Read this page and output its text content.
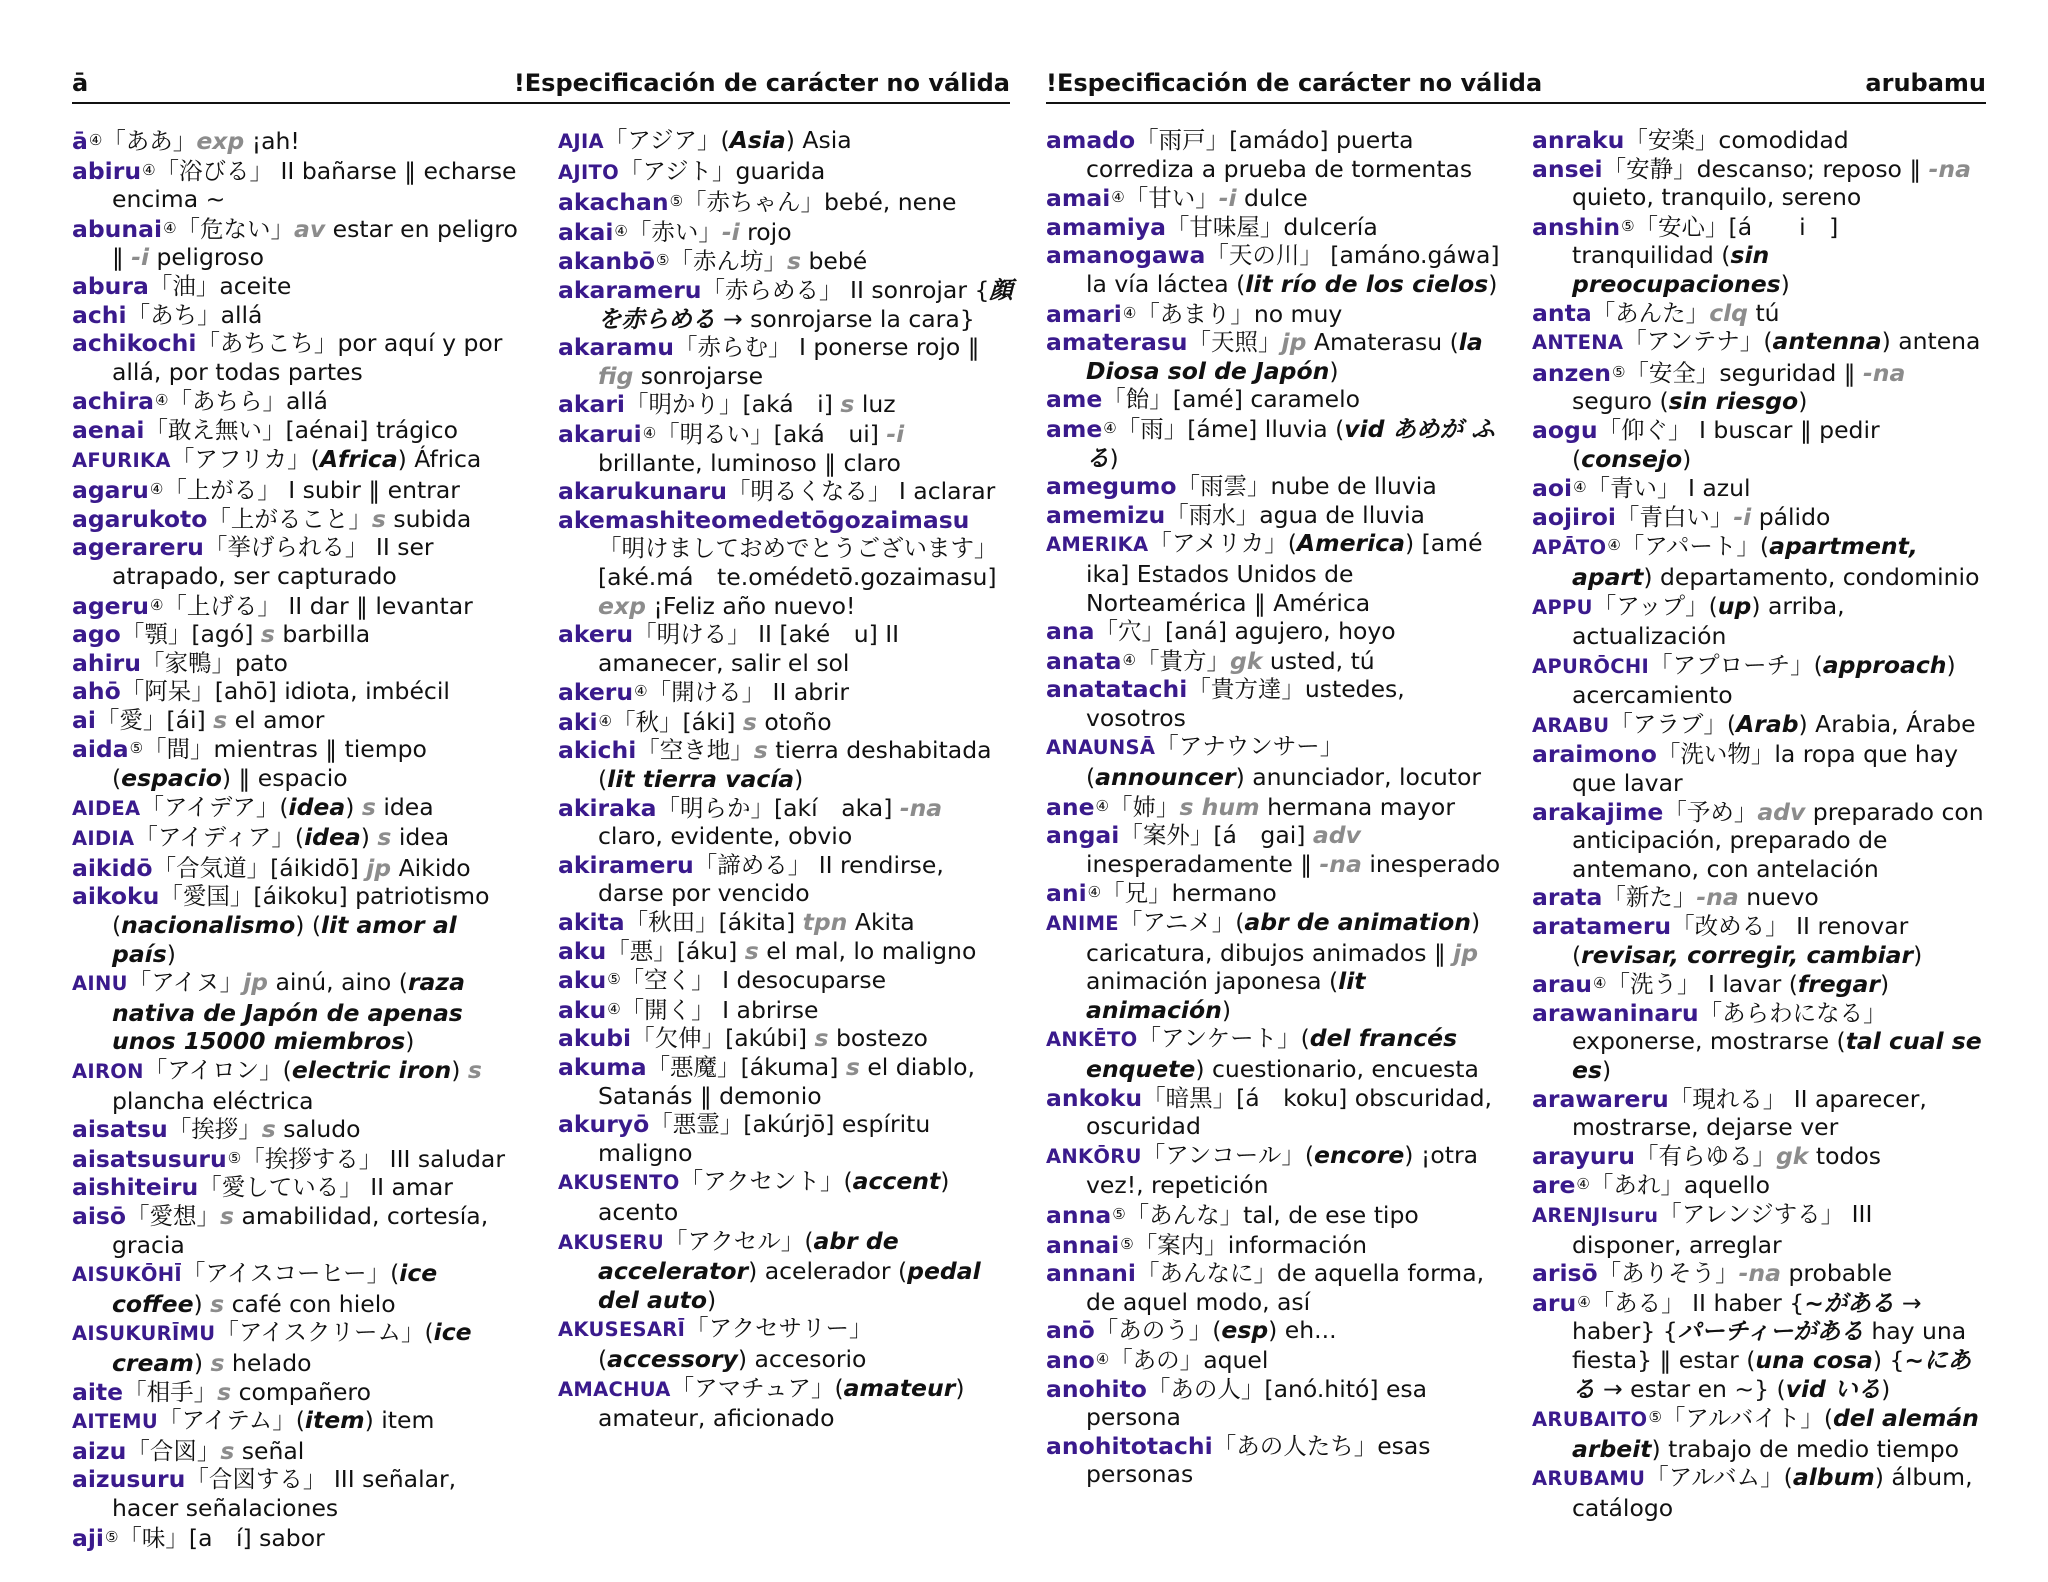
ā	!Especificación de carácter no válida
ā④「ああ」exp ¡ah!
abiru④「浴びる」 II bañarse ‖ echarse encima ~
abunai④「危ない」av estar en peligro ‖ -i peligroso
abura「油」aceite
achi「あち」allá
achikochi「あちこち」por aquí y por allá, por todas partes
achira④「あちら」allá
aenai「敢え無い」[aénai] trágico
AFURIKA「アフリカ」(Africa) África
agaru④「上がる」 I subir ‖ entrar
agarukoto「上がること」s subida
agerareru「挙げられる」 II ser atrapado, ser capturado
ageru④「上げる」 II dar ‖ levantar
ago「顎」[agó] s barbilla
ahiru「家鴨」pato
ahō「阿呆」[ahō] idiota, imbécil
ai「愛」[ái] s el amor
aida⑤「間」mientras ‖ tiempo (espacio) ‖ espacio
AIDEA「アイデア」(idea) s idea
AIDIA「アイディア」(idea) s idea
aikidō「合気道」[áikidō] jp Aikido
aikoku「愛国」[áikoku] patriotismo (nacionalismo) (lit amor al país)
AINU「アイヌ」jp ainú, aino (raza nativa de Japón de apenas unos 15000 miembros)
AIRON「アイロン」(electric iron) s plancha eléctrica
aisatsu「挨拶」s saludo
aisatsusuru⑤「挨拶する」 III saludar
aishiteiru「愛している」 II amar
aisō「愛想」s amabilidad, cortesía, gracia
AISUKŌHĪ「アイスコーヒー」(ice coffee) s café con hielo
AISUKURĪMU「アイスクリーム」(ice cream) s helado
aite「相手」s compañero
AITEMU「アイテム」(item) item
aizu「合図」s señal
aizusuru「合図する」 III señalar, hacer señalaciones
aji⑤「味」[a　í] sabor
AJIA「アジア」(Asia) Asia
AJITO「アジト」guarida
akachan⑤「赤ちゃん」bebé, nene
akai④「赤い」-i rojo
akanbō⑤「赤ん坊」s bebé
akarameru「赤らめる」 II sonrojar {顔を赤らめる → sonrojarse la cara}
akaramu「赤らむ」 I ponerse rojo ‖ fig sonrojarse
akari「明かり」[aká　i] s luz
akarui④「明るい」[aká　ui] -i brillante, luminoso ‖ claro
akarukunaru「明るくなる」 I aclarar
akemashiteomedetōgozaimasu 「明けましておめでとうございます」 [aké.má　te.omédetō.gozaimasu] exp ¡Feliz año nuevo!
akeru「明ける」 II [aké　u] II amanecer, salir el sol
akeru④「開ける」 II abrir
aki④「秋」[áki] s otoño
akichi「空き地」s tierra deshabitada (lit tierra vacía)
akiraka「明らか」[akí　aka] -na claro, evidente, obvio
akirameru「諦める」 II rendirse, darse por vencido
akita「秋田」[ákita] tpn Akita
aku「悪」[áku] s el mal, lo maligno
aku⑤「空く」 I desocuparse
aku④「開く」 I abrirse
akubi「欠伸」[akúbi] s bostezo
akuma「悪魔」[ákuma] s el diablo, Satanás ‖ demonio
akuryō「悪霊」[akúrjō] espíritu maligno
AKUSENTO「アクセント」(accent) acento
AKUSERU「アクセル」(abr de accelerator) acelerador (pedal del auto)
AKUSESARĪ「アクセサリー」(accessory) accesorio
AMACHUA「アマチュア」(amateur) amateur, aficionado
!Especificación de carácter no válida	arubamu
amado「雨戸」[amádo] puerta corrediza a prueba de tormentas
amai④「甘い」-i dulce
amamiya「甘味屋」dulcería
amanogawa「天の川」 [amáno.gáwa] la vía láctea (lit río de los cielos)
amari④「あまり」no muy
amaterasu「天照」jp Amaterasu (la Diosa sol de Japón)
ame「飴」[amé] caramelo
ame④「雨」[áme] lluvia (vid あめが ふる)
amegumo「雨雲」nube de lluvia
amemizu「雨水」agua de lluvia
AMERIKA「アメリカ」(America) [amé　ika] Estados Unidos de Norteamérica ‖ América
ana「穴」[aná] agujero, hoyo
anata④「貴方」gk usted, tú
anatatachi「貴方達」ustedes, vosotros
ANAUNSĀ「アナウンサー」(announcer) anunciador, locutor
ane④「姉」s hum hermana mayor
angai「案外」[á　gai] adv inesperadamente ‖ -na inesperado
ani④「兄」hermano
ANIME「アニメ」(abr de animation) caricatura, dibujos animados ‖ jp animación japonesa (lit animación)
ANKĒTO「アンケート」(del francés enquete) cuestionario, encuesta
ankoku「暗黒」[á　koku] obscuridad, oscuridad
ANKŌRU「アンコール」(encore) ¡otra vez!, repetición
anna⑤「あんな」tal, de ese tipo
annai⑤「案内」información
annani「あんなに」de aquella forma, de aquel modo, así
anō「あのう」(esp) eh...
ano④「あの」aquel
anohito「あの人」[anó.hitó] esa persona
anohitotachi「あの人たち」esas personas
anraku「安楽」comodidad
ansei「安静」descanso; reposo ‖ -na quieto, tranquilo, sereno
anshin⑤「安心」[á　　i　] tranquilidad (sin preocupaciones)
anta「あんた」clq tú
ANTENA「アンテナ」(antenna) antena
anzen⑤「安全」seguridad ‖ -na seguro (sin riesgo)
aogu「仰ぐ」 I buscar ‖ pedir (consejo)
aoi④「青い」 I azul
aojiroi「青白い」-i pálido
APĀTO④「アパート」(apartment, apart) departamento, condominio
APPU「アップ」(up) arriba, actualización
APURŌCHI「アプローチ」(approach) acercamiento
ARABU「アラブ」(Arab) Arabia, Árabe
araimono「洗い物」la ropa que hay que lavar
arakajime「予め」adv preparado con anticipación, preparado de antemano, con antelación
arata「新た」-na nuevo
aratameru「改める」 II renovar (revisar, corregir, cambiar)
arau④「洗う」 I lavar (fregar)
arawaninaru「あらわになる」 exponerse, mostrarse (tal cual se es)
arawareru「現れる」 II aparecer, mostrarse, dejarse ver
arayuru「有らゆる」gk todos
are④「あれ」aquello
ARENJIsuru「アレンジする」 III disponer, arreglar
arisō「ありそう」-na probable
aru④「ある」 II haber {~がある → haber} {パーチィーがある hay una fiesta} ‖ estar (una cosa) {~にある → estar en ~} (vid いる)
ARUBAITO⑤「アルバイト」(del alemán arbeit) trabajo de medio tiempo
ARUBAMU「アルバム」(album) álbum, catálogo
